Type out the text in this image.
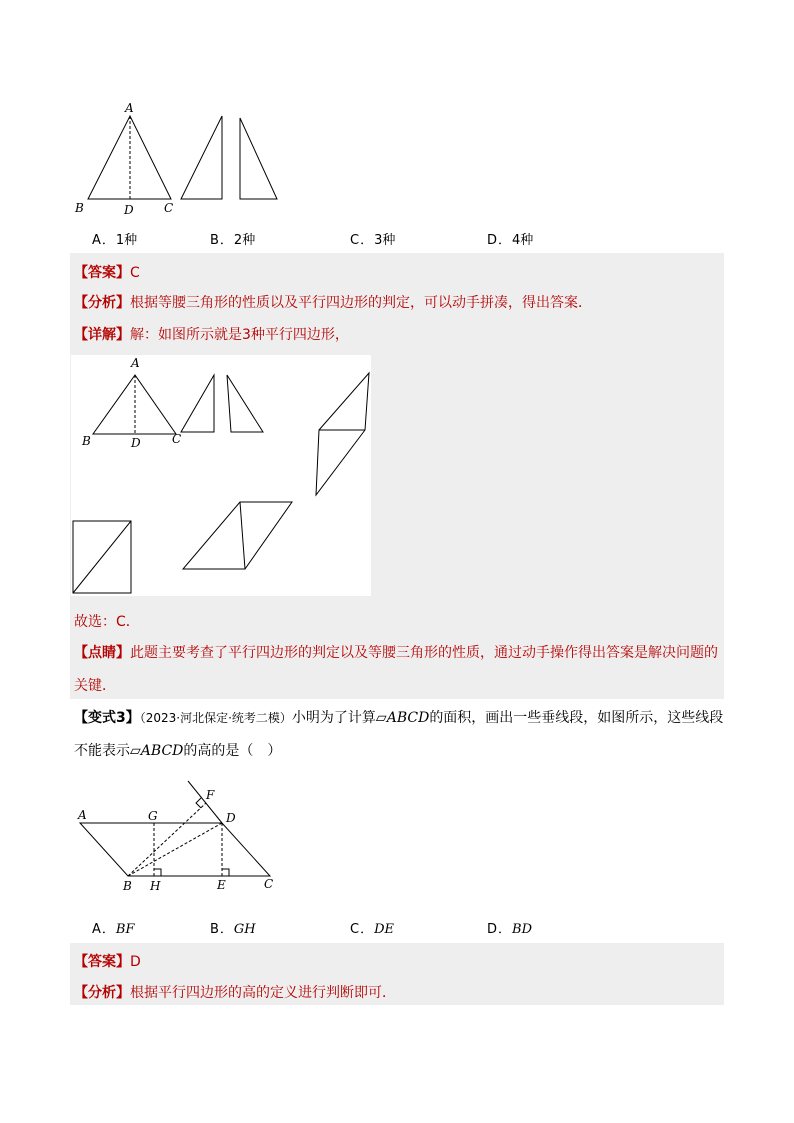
A
B	D	C
A．1种	B．2种	C．3种	D．4种
【答案】C
【分析】根据等腰三角形的性质以及平行四边形的判定，可以动手拼凑，得出答案．
【详解】解：如图所示就是3种平行四边形，
A
B	D	C
故选：C．
【点睛】此题主要考查了平行四边形的判定以及等腰三角形的性质，通过动手操作得出答案是解决问题的
关键．
【变式3】（2023·河北保定·统考二模）小明为了计算▱ABCD的面积，画出一些垂线段，如图所示，这些线段
不能表示▱ABCD的高的是（　）
A	G
F
D
B H	E	C
A．BF	B．GH	C．DE	D．BD
【答案】D
【分析】根据平行四边形的高的定义进行判断即可．
